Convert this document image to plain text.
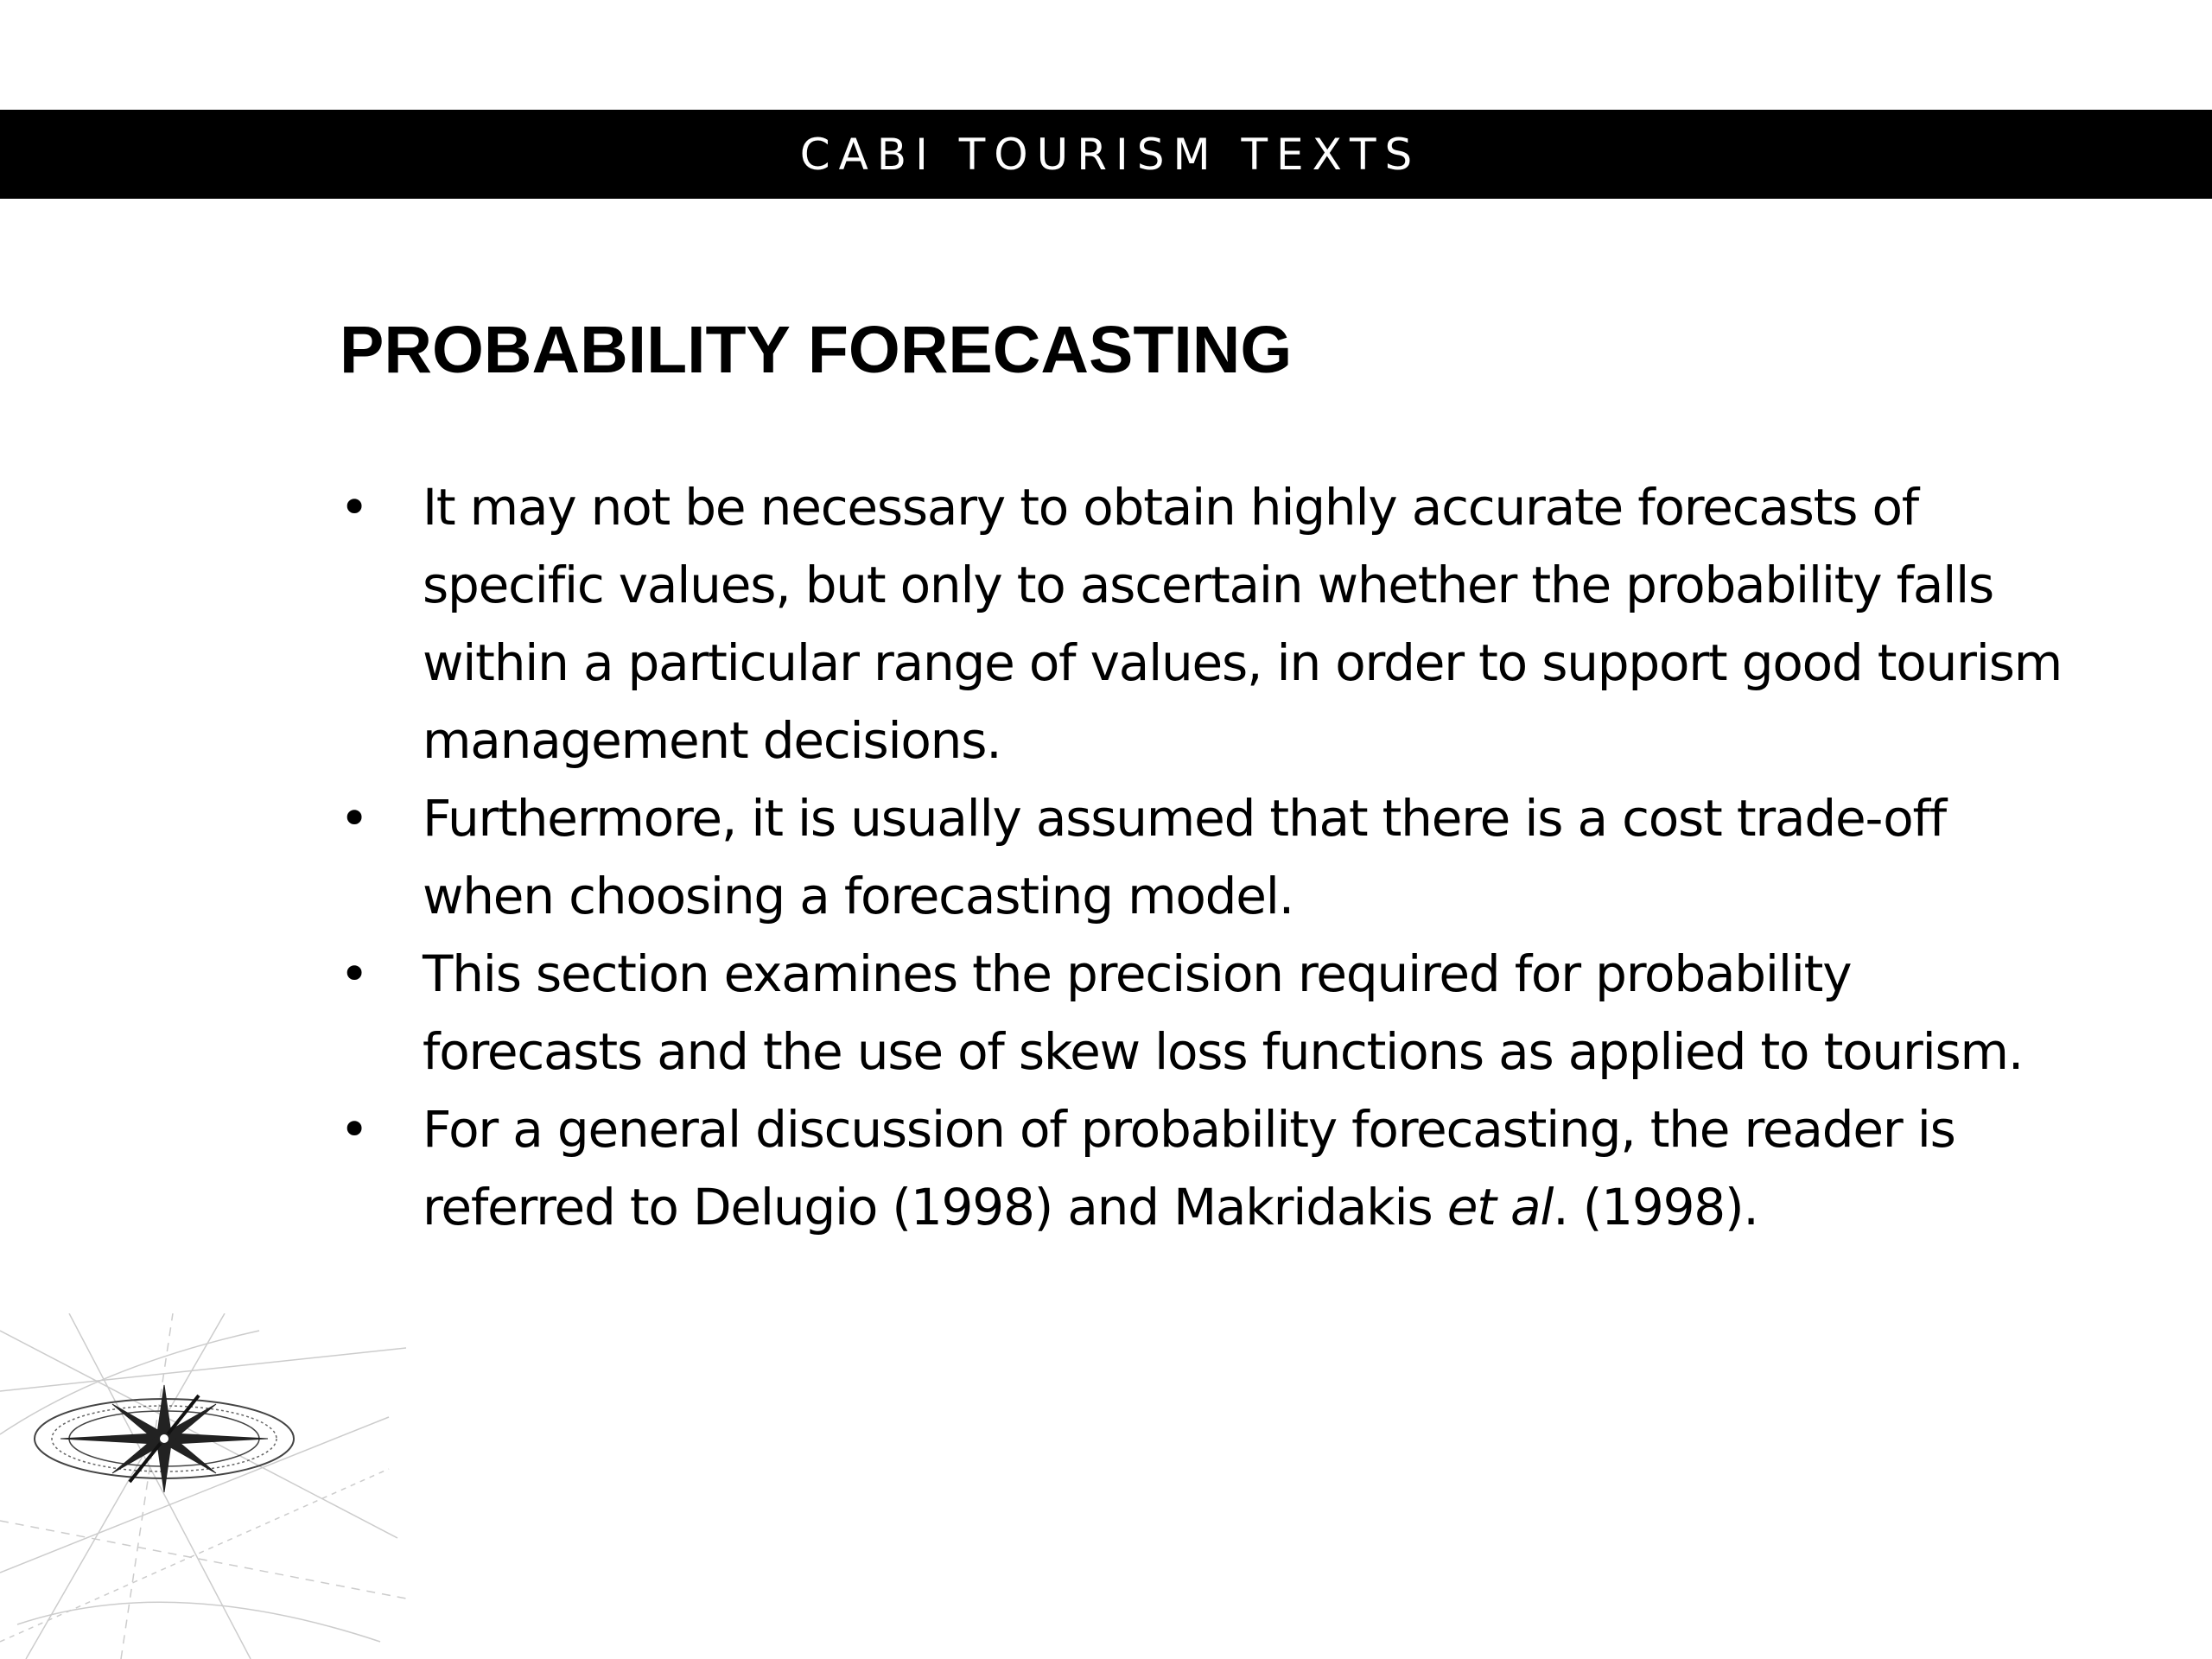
CABI TOURISM TEXTS
PROBABILITY FORECASTING
• It may not be necessary to obtain highly accurate forecasts of specific values, but only to ascertain whether the probability falls within a particular range of values, in order to support good tourism management decisions.
• Furthermore, it is usually assumed that there is a cost trade-off when choosing a forecasting model.
• This section examines the precision required for probability forecasts and the use of skew loss functions as applied to tourism.
• For a general discussion of probability forecasting, the reader is referred to Delugio (1998) and Makridakis et al. (1998).
